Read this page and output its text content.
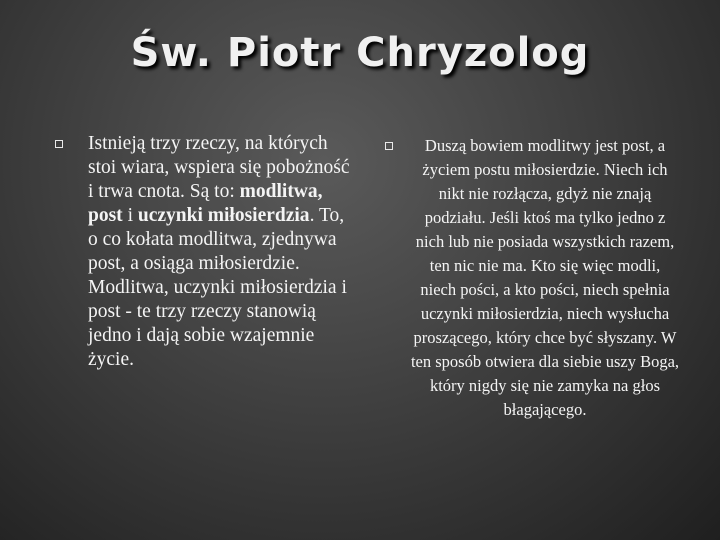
Św. Piotr Chryzolog
Istnieją trzy rzeczy, na których stoi wiara, wspiera się pobożność i trwa cnota. Są to: modlitwa, post i uczynki miłosierdzia. To, o co kołata modlitwa, zjednywa post, a osiąga miłosierdzie. Modlitwa, uczynki miłosierdzia i post - te trzy rzeczy stanowią jedno i dają sobie wzajemnie życie.
Duszą bowiem modlitwy jest post, a życiem postu miłosierdzie. Niech ich nikt nie rozłącza, gdyż nie znają podziału. Jeśli ktoś ma tylko jedno z nich lub nie posiada wszystkich razem, ten nic nie ma. Kto się więc modli, niech pości, a kto pości, niech spełnia uczynki miłosierdzia, niech wysłucha proszącego, który chce być słyszany. W ten sposób otwiera dla siebie uszy Boga, który nigdy się nie zamyka na głos błagającego.
